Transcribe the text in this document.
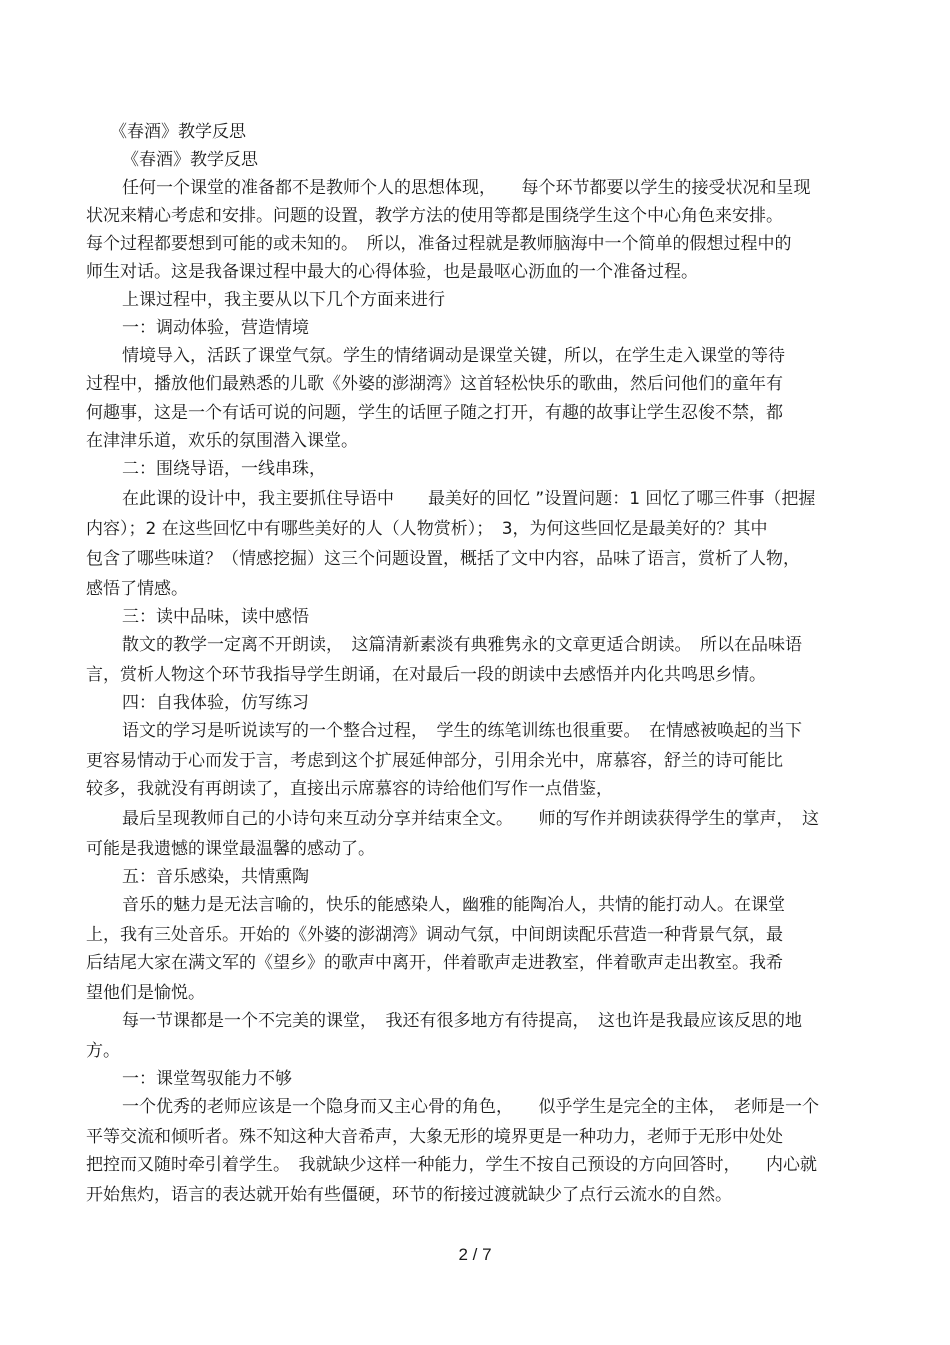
《春酒》教学反思
《春酒》教学反思
任何一个课堂的准备都不是教师个人的思想体现，　　每个环节都要以学生的接受状况和呈现
状况来精心考虑和安排。问题的设置，教学方法的使用等都是围绕学生这个中心角色来安排。
每个过程都要想到可能的或未知的。　所以，准备过程就是教师脑海中一个简单的假想过程中的
师生对话。这是我备课过程中最大的心得体验，也是最呕心沥血的一个准备过程。
上课过程中，我主要从以下几个方面来进行
一：调动体验，营造情境
情境导入，活跃了课堂气氛。学生的情绪调动是课堂关键，所以，在学生走入课堂的等待
过程中，播放他们最熟悉的儿歌《外婆的澎湖湾》这首轻松快乐的歌曲，然后问他们的童年有
何趣事，这是一个有话可说的问题，学生的话匣子随之打开，有趣的故事让学生忍俊不禁，都
在津津乐道，欢乐的氛围潜入课堂。
二：围绕导语，一线串珠，
在此课的设计中，我主要抓住导语中　　最美好的回忆 ”设置问题：1 回忆了哪三件事（把握
内容）；2 在这些回忆中有哪些美好的人（人物赏析）；　3，为何这些回忆是最美好的？其中
包含了哪些味道？（情感挖掘）这三个问题设置，概括了文中内容，品味了语言，赏析了人物，
感悟了情感。
三：读中品味，读中感悟
散文的教学一定离不开朗读，　这篇清新素淡有典雅隽永的文章更适合朗读。　所以在品味语
言，赏析人物这个环节我指导学生朗诵，在对最后一段的朗读中去感悟并内化共鸣思乡情。
四：自我体验，仿写练习
语文的学习是听说读写的一个整合过程，　学生的练笔训练也很重要。　在情感被唤起的当下
更容易情动于心而发于言，考虑到这个扩展延伸部分，引用余光中，席慕容，舒兰的诗可能比
较多，我就没有再朗读了，直接出示席慕容的诗给他们写作一点借鉴，
最后呈现教师自己的小诗句来互动分享并结束全文。　　师的写作并朗读获得学生的掌声，　这
可能是我遗憾的课堂最温馨的感动了。
五：音乐感染，共情熏陶
音乐的魅力是无法言喻的，快乐的能感染人，幽雅的能陶冶人，共情的能打动人。在课堂
上，我有三处音乐。开始的《外婆的澎湖湾》调动气氛，中间朗读配乐营造一种背景气氛，最
后结尾大家在满文军的《望乡》的歌声中离开，伴着歌声走进教室，伴着歌声走出教室。我希
望他们是愉悦。
每一节课都是一个不完美的课堂，　我还有很多地方有待提高，　这也许是我最应该反思的地
方。
一：课堂驾驭能力不够
一个优秀的老师应该是一个隐身而又主心骨的角色，　　似乎学生是完全的主体，　老师是一个
平等交流和倾听者。殊不知这种大音希声，大象无形的境界更是一种功力，老师于无形中处处
把控而又随时牵引着学生。　我就缺少这样一种能力，学生不按自己预设的方向回答时，　　内心就
开始焦灼，语言的表达就开始有些僵硬，环节的衔接过渡就缺少了点行云流水的自然。
2 / 7
